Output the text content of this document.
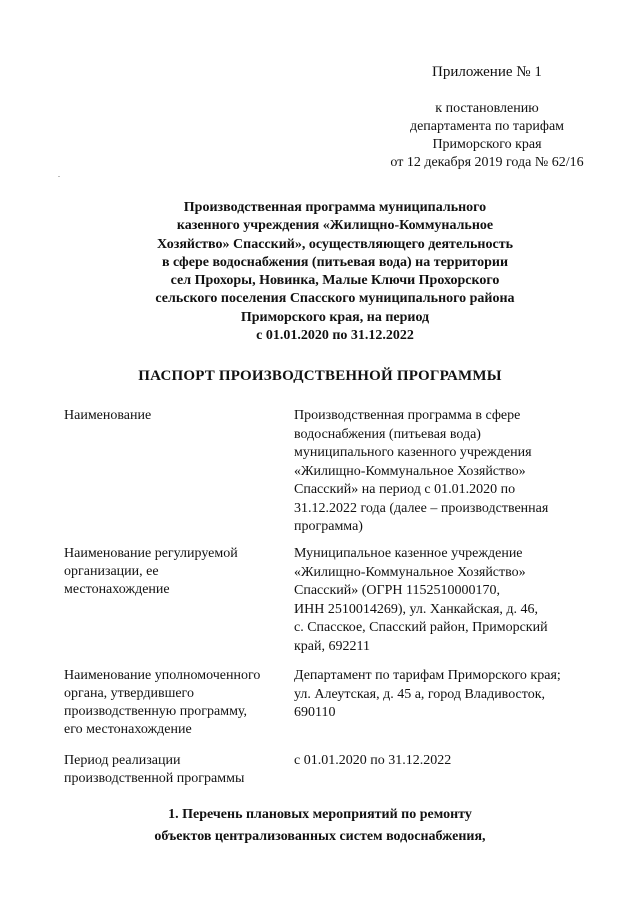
Приложение № 1
к постановлению
департамента по тарифам
Приморского края
от 12 декабря 2019 года № 62/16
Производственная программа муниципального
казенного учреждения «Жилищно-Коммунальное
Хозяйство» Спасский», осуществляющего деятельность
в сфере водоснабжения (питьевая вода) на территории
сел Прохоры, Новинка, Малые Ключи Прохорского
сельского поселения Спасского муниципального района
Приморского края, на период
с 01.01.2020 по 31.12.2022
ПАСПОРТ ПРОИЗВОДСТВЕННОЙ ПРОГРАММЫ
Наименование	Производственная программа в сфере
водоснабжения (питьевая вода)
муниципального казенного учреждения
«Жилищно-Коммунальное Хозяйство»
Спасский» на период с 01.01.2020 по
31.12.2022 года (далее – производственная
программа)
Наименование регулируемой
организации, ее
местонахождение
Муниципальное казенное учреждение
«Жилищно-Коммунальное Хозяйство»
Спасский» (ОГРН 1152510000170,
ИНН 2510014269), ул. Ханкайская, д. 46,
с. Спасское, Спасский район, Приморский
край, 692211
Наименование уполномоченного
органа, утвердившего
производственную программу,
его местонахождение
Департамент по тарифам Приморского края;
ул. Алеутская, д. 45 а, город Владивосток,
690110
Период реализации
производственной программы
с 01.01.2020 по 31.12.2022
1. Перечень плановых мероприятий по ремонту
объектов централизованных систем водоснабжения,
